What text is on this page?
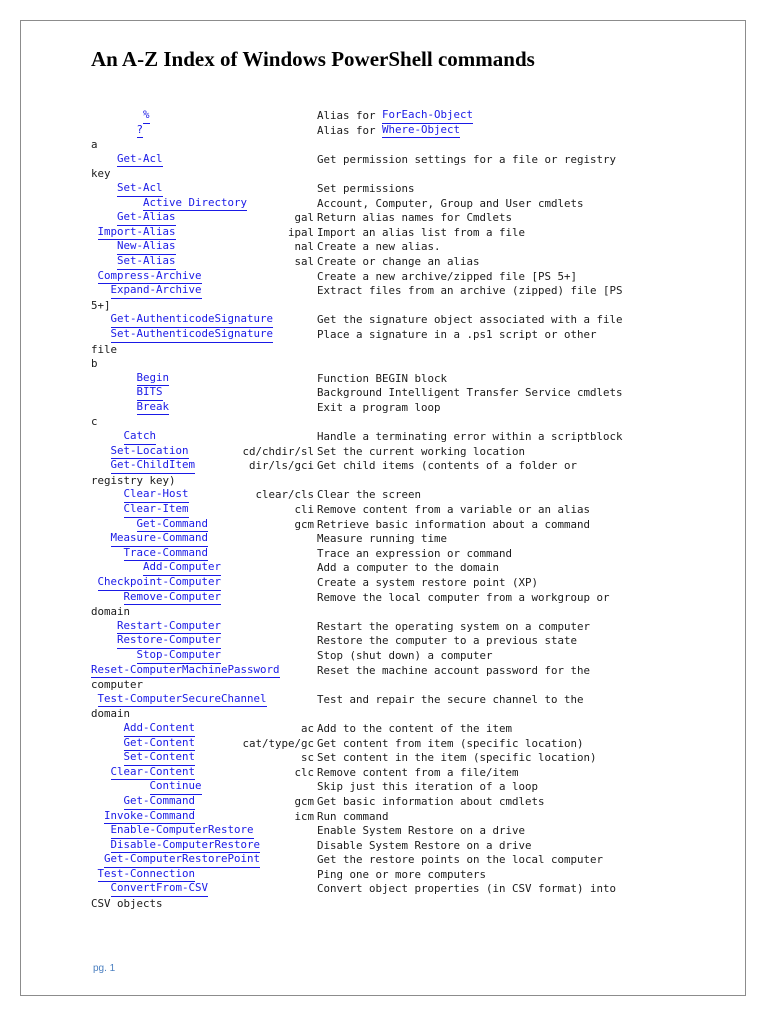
An A-Z Index of Windows PowerShell commands
%	Alias for ForEach-Object
?	Alias for Where-Object
a
Get-Acl	Get permission settings for a file or registry
key
Set-Acl	Set permissions
Active Directory	Account, Computer, Group and User cmdlets
Get-Alias	gal Return alias names for Cmdlets
Import-Alias	ipal Import an alias list from a file
New-Alias	nal Create a new alias.
Set-Alias	sal Create or change an alias
Compress-Archive	Create a new archive/zipped file [PS 5+]
Expand-Archive	Extract files from an archive (zipped) file [PS
5+]
Get-AuthenticodeSignature	Get the signature object associated with a file
Set-AuthenticodeSignature	Place a signature in a .ps1 script or other
file
b
Begin	Function BEGIN block
BITS	Background Intelligent Transfer Service cmdlets
Break	Exit a program loop
c
Catch	Handle a terminating error within a scriptblock
Set-Location	cd/chdir/sl Set the current working location
Get-ChildItem	dir/ls/gci Get child items (contents of a folder or
registry key)
Clear-Host	clear/cls Clear the screen
Clear-Item	cli Remove content from a variable or an alias
Get-Command	gcm Retrieve basic information about a command
Measure-Command	Measure running time
Trace-Command	Trace an expression or command
Add-Computer	Add a computer to the domain
Checkpoint-Computer	Create a system restore point (XP)
Remove-Computer	Remove the local computer from a workgroup or
domain
Restart-Computer	Restart the operating system on a computer
Restore-Computer	Restore the computer to a previous state
Stop-Computer	Stop (shut down) a computer
Reset-ComputerMachinePassword	Reset the machine account password for the
computer
Test-ComputerSecureChannel	Test and repair the secure channel to the
domain
Add-Content	ac Add to the content of the item
Get-Content	cat/type/gc Get content from item (specific location)
Set-Content	sc Set content in the item (specific location)
Clear-Content	clc Remove content from a file/item
Continue	Skip just this iteration of a loop
Get-Command	gcm Get basic information about cmdlets
Invoke-Command	icm Run command
Enable-ComputerRestore	Enable System Restore on a drive
Disable-ComputerRestore	Disable System Restore on a drive
Get-ComputerRestorePoint	Get the restore points on the local computer
Test-Connection	Ping one or more computers
ConvertFrom-CSV	Convert object properties (in CSV format) into
CSV objects
pg. 1
